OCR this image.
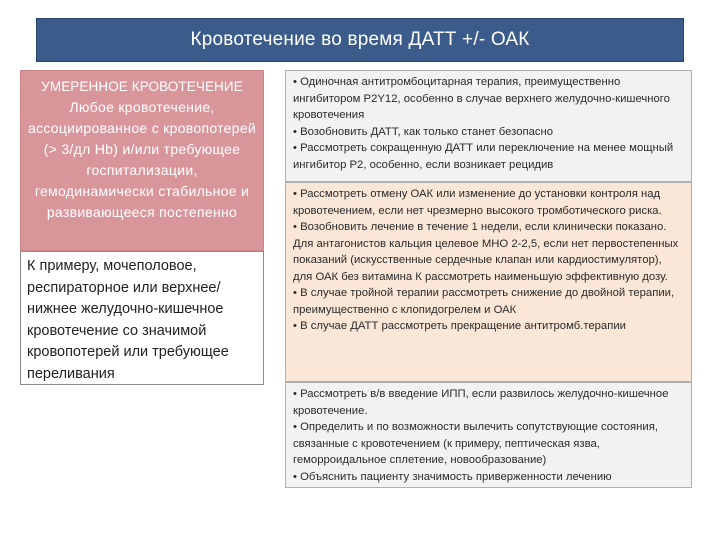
Кровотечение во время ДАТТ +/- ОАК
УМЕРЕННОЕ КРОВОТЕЧЕНИЕ
Любое кровотечение, ассоциированное с кровопотерей (> 3/дл Hb) и/или требующее госпитализации, гемодинамически стабильное и развивающееся постепенно
К примеру, мочеполовое, респираторное или верхнее/нижнее желудочно-кишечное кровотечение со значимой кровопотерей или требующее переливания
• Одиночная антитромбоцитарная терапия, преимущественно ингибитором P2Y12, особенно в случае верхнего желудочно-кишечного кровотечения
• Возобновить ДАТТ, как только станет безопасно
• Рассмотреть сокращенную ДАТТ или переключение на менее мощный ингибитор P2, особенно, если возникает рецидив
• Рассмотреть отмену ОАК или изменение до установки контроля над кровотечением, если нет чрезмерно высокого тромботического риска.
• Возобновить лечение в течение 1 недели, если клинически показано. Для антагонистов кальция целевое МНО 2-2,5, если нет первостепенных показаний (искусственные сердечные клапан или кардиостимулятор), для ОАК без витамина К рассмотреть наименьшую эффективную дозу.
• В случае тройной терапии рассмотреть снижение до двойной терапии, преимущественно с клопидогрелем и ОАК
• В случае ДАТТ рассмотреть прекращение антитромб.терапии
• Рассмотреть в/в введение ИПП, если развилось желудочно-кишечное кровотечение.
• Определить и по возможности вылечить сопутствующие состояния, связанные с кровотечением (к примеру, пептическая язва, геморроидальное сплетение, новообразование)
• Объяснить пациенту значимость приверженности лечению
